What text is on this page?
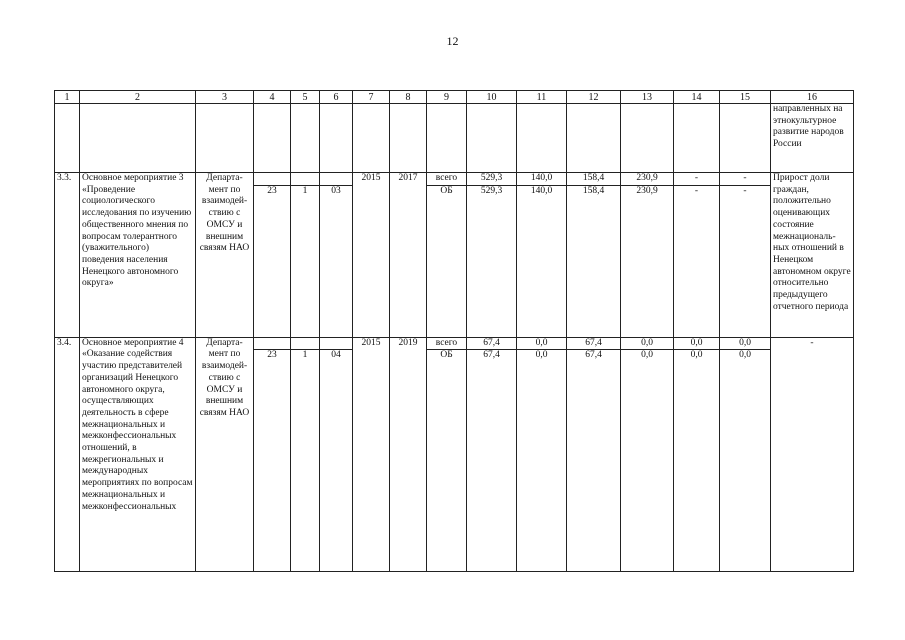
12
1	2	3	4	5	6	7	8	9	10	11	12	13	14	15	16
															направленных на этнокультурное развитие народов России
3.3.	Основное мероприятие 3 «Проведение социологического исследования по изучению общественного мнения по вопросам толерантного (уважительного) поведения населения Ненецкого автономного округа»	Департа-мент по взаимодей-ствию с ОМСУ и внешним связям НАО				2015	2017	всего	529,3	140,0	158,4	230,9	-	-	Прирост доли граждан, положительно оценивающих состояние межнациональ-ных отношений в Ненецком автономном округе относительно предыдущего отчетного периода
			23	1	03			ОБ	529,3	140,0	158,4	230,9	-	-	
3.4.	Основное мероприятие 4 «Оказание содействия участию представителей организаций Ненецкого автономного округа, осуществляющих деятельность в сфере межнациональных и межконфессиональных отношений, в межрегиональных и международных мероприятиях по вопросам межнациональных и межконфессиональных	Департа-мент по взаимодей-ствию с ОМСУ и внешним связям НАО				2015	2019	всего	67,4	0,0	67,4	0,0	0,0	0,0	-
			23	1	04			ОБ	67,4	0,0	67,4	0,0	0,0	0,0	
